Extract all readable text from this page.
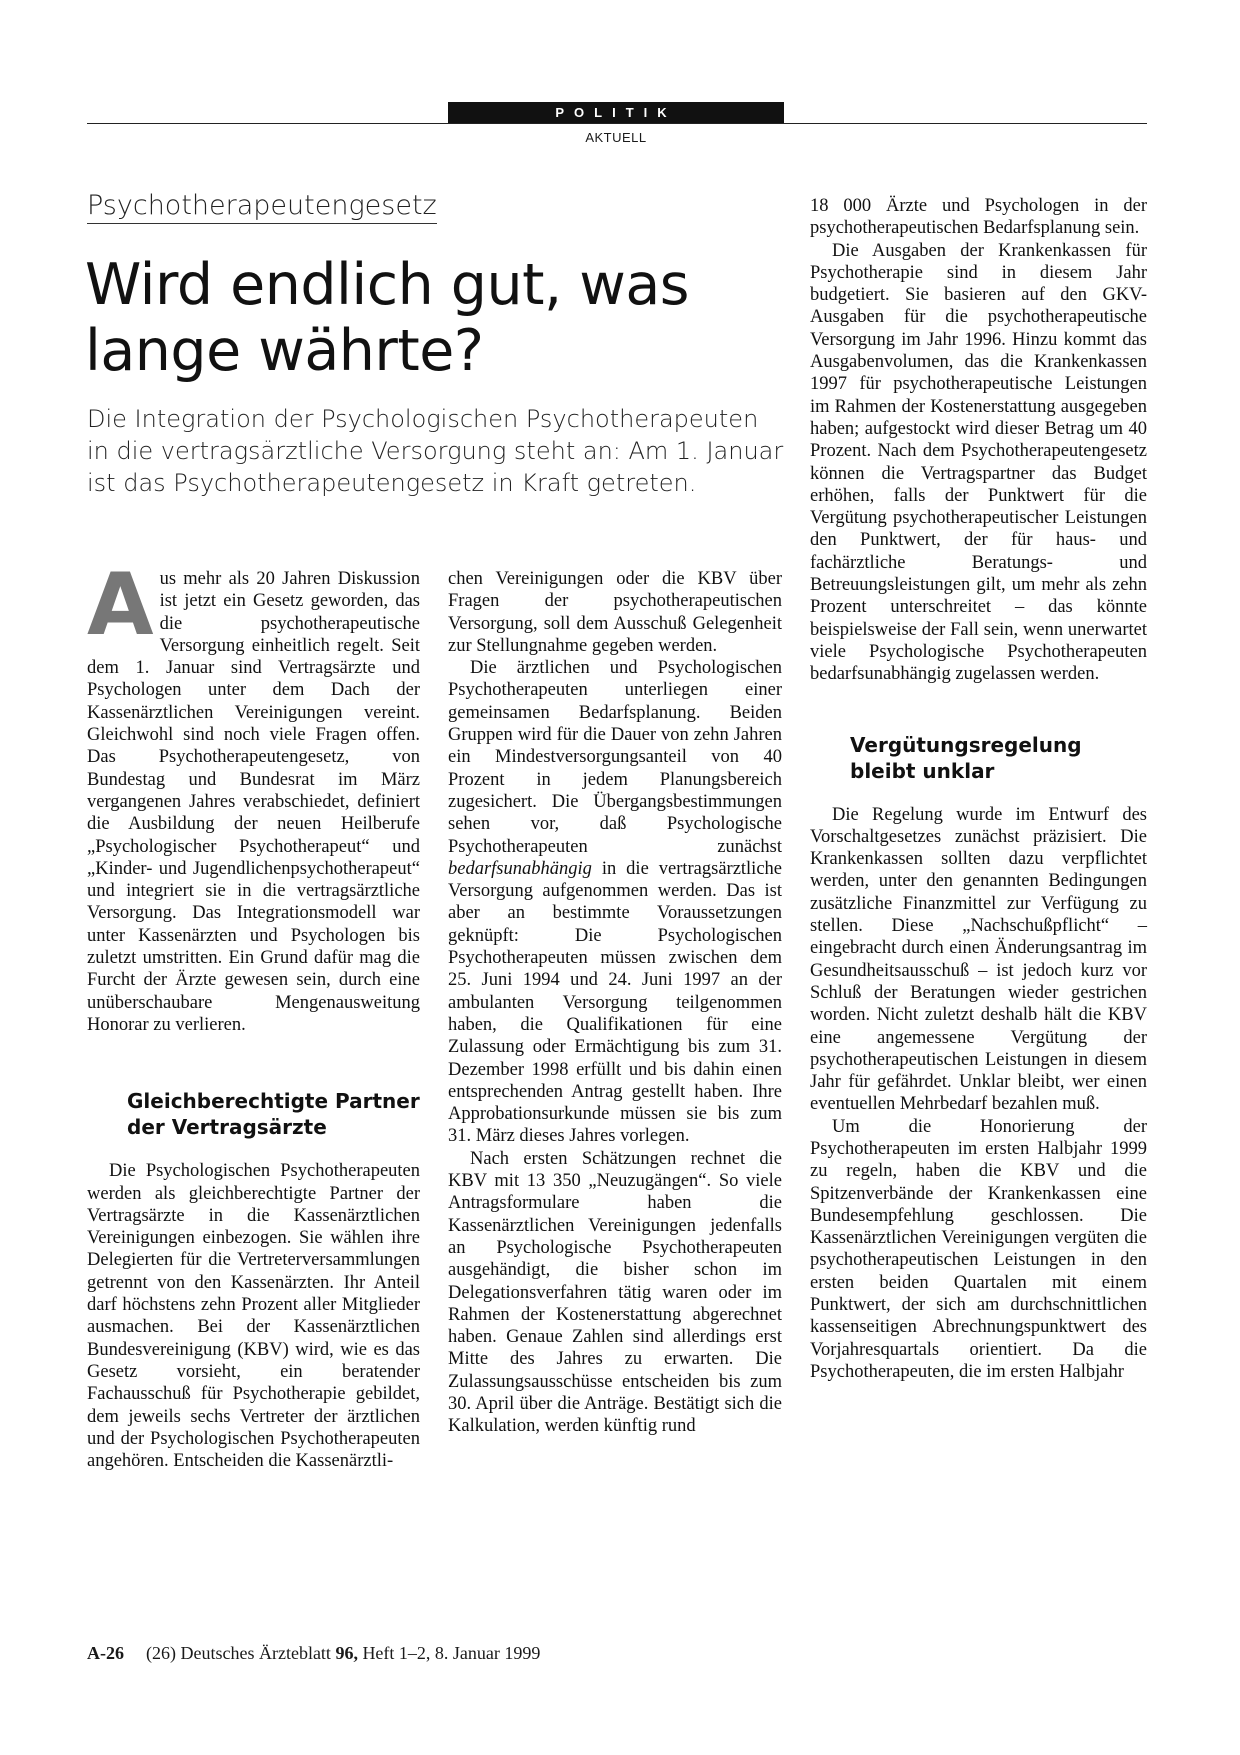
POLITIK
AKTUELL
Psychotherapeutengesetz
Wird endlich gut, was
lange währte?
Die Integration der Psychologischen Psychotherapeuten in die vertragsärztliche Versorgung steht an: Am 1. Januar ist das Psychotherapeutengesetz in Kraft getreten.

Aus mehr als 20 Jahren Diskussion ist jetzt ein Gesetz geworden, das die psychotherapeutische Versorgung einheitlich regelt. Seit dem 1. Januar sind Vertragsärzte und Psychologen unter dem Dach der Kassenärztlichen Vereinigungen vereint. Gleichwohl sind noch viele Fragen offen. Das Psychotherapeutengesetz, von Bundestag und Bundesrat im März vergangenen Jahres verabschiedet, definiert die Ausbildung der neuen Heilberufe „Psychologischer Psychotherapeut“ und „Kinder- und Jugendlichenpsychotherapeut“ und integriert sie in die vertragsärztliche Versorgung. Das Integrationsmodell war unter Kassenärzten und Psychologen bis zuletzt umstritten. Ein Grund dafür mag die Furcht der Ärzte gewesen sein, durch eine unüberschaubare Mengenausweitung Honorar zu verlieren.

Gleichberechtigte Partner
der Vertragsärzte

Die Psychologischen Psychotherapeuten werden als gleichberechtigte Partner der Vertragsärzte in die Kassenärztlichen Vereinigungen einbezogen. Sie wählen ihre Delegierten für die Vertreterversammlungen getrennt von den Kassenärzten. Ihr Anteil darf höchstens zehn Prozent aller Mitglieder ausmachen. Bei der Kassenärztlichen Bundesvereinigung (KBV) wird, wie es das Gesetz vorsieht, ein beratender Fachausschuß für Psychotherapie gebildet, dem jeweils sechs Vertreter der ärztlichen und der Psychologischen Psychotherapeuten angehören. Entscheiden die Kassenärztli-

chen Vereinigungen oder die KBV über Fragen der psychotherapeutischen Versorgung, soll dem Ausschuß Gelegenheit zur Stellungnahme gegeben werden.

Die ärztlichen und Psychologischen Psychotherapeuten unterliegen einer gemeinsamen Bedarfsplanung. Beiden Gruppen wird für die Dauer von zehn Jahren ein Mindestversorgungsanteil von 40 Prozent in jedem Planungsbereich zugesichert. Die Übergangsbestimmungen sehen vor, daß Psychologische Psychotherapeuten zunächst bedarfsunabhängig in die vertragsärztliche Versorgung aufgenommen werden. Das ist aber an bestimmte Voraussetzungen geknüpft: Die Psychologischen Psychotherapeuten müssen zwischen dem 25. Juni 1994 und 24. Juni 1997 an der ambulanten Versorgung teilgenommen haben, die Qualifikationen für eine Zulassung oder Ermächtigung bis zum 31. Dezember 1998 erfüllt und bis dahin einen entsprechenden Antrag gestellt haben. Ihre Approbationsurkunde müssen sie bis zum 31. März dieses Jahres vorlegen.

Nach ersten Schätzungen rechnet die KBV mit 13 350 „Neuzugängen“. So viele Antragsformulare haben die Kassenärztlichen Vereinigungen jedenfalls an Psychologische Psychotherapeuten ausgehändigt, die bisher schon im Delegationsverfahren tätig waren oder im Rahmen der Kostenerstattung abgerechnet haben. Genaue Zahlen sind allerdings erst Mitte des Jahres zu erwarten. Die Zulassungsausschüsse entscheiden bis zum 30. April über die Anträge. Bestätigt sich die Kalkulation, werden künftig rund

18 000 Ärzte und Psychologen in der psychotherapeutischen Bedarfsplanung sein.

Die Ausgaben der Krankenkassen für Psychotherapie sind in diesem Jahr budgetiert. Sie basieren auf den GKV-Ausgaben für die psychotherapeutische Versorgung im Jahr 1996. Hinzu kommt das Ausgabenvolumen, das die Krankenkassen 1997 für psychotherapeutische Leistungen im Rahmen der Kostenerstattung ausgegeben haben; aufgestockt wird dieser Betrag um 40 Prozent. Nach dem Psychotherapeutengesetz können die Vertragspartner das Budget erhöhen, falls der Punktwert für die Vergütung psychotherapeutischer Leistungen den Punktwert, der für haus- und fachärztliche Beratungs- und Betreuungsleistungen gilt, um mehr als zehn Prozent unterschreitet – das könnte beispielsweise der Fall sein, wenn unerwartet viele Psychologische Psychotherapeuten bedarfsunabhängig zugelassen werden.

Vergütungsregelung
bleibt unklar

Die Regelung wurde im Entwurf des Vorschaltgesetzes zunächst präzisiert. Die Krankenkassen sollten dazu verpflichtet werden, unter den genannten Bedingungen zusätzliche Finanzmittel zur Verfügung zu stellen. Diese „Nachschußpflicht“ – eingebracht durch einen Änderungsantrag im Gesundheitsausschuß – ist jedoch kurz vor Schluß der Beratungen wieder gestrichen worden. Nicht zuletzt deshalb hält die KBV eine angemessene Vergütung der psychotherapeutischen Leistungen in diesem Jahr für gefährdet. Unklar bleibt, wer einen eventuellen Mehrbedarf bezahlen muß.

Um die Honorierung der Psychotherapeuten im ersten Halbjahr 1999 zu regeln, haben die KBV und die Spitzenverbände der Krankenkassen eine Bundesempfehlung geschlossen. Die Kassenärztlichen Vereinigungen vergüten die psychotherapeutischen Leistungen in den ersten beiden Quartalen mit einem Punktwert, der sich am durchschnittlichen kassenseitigen Abrechnungspunktwert des Vorjahresquartals orientiert. Da die Psychotherapeuten, die im ersten Halbjahr

A-26 (26) Deutsches Ärzteblatt 96, Heft 1–2, 8. Januar 1999
